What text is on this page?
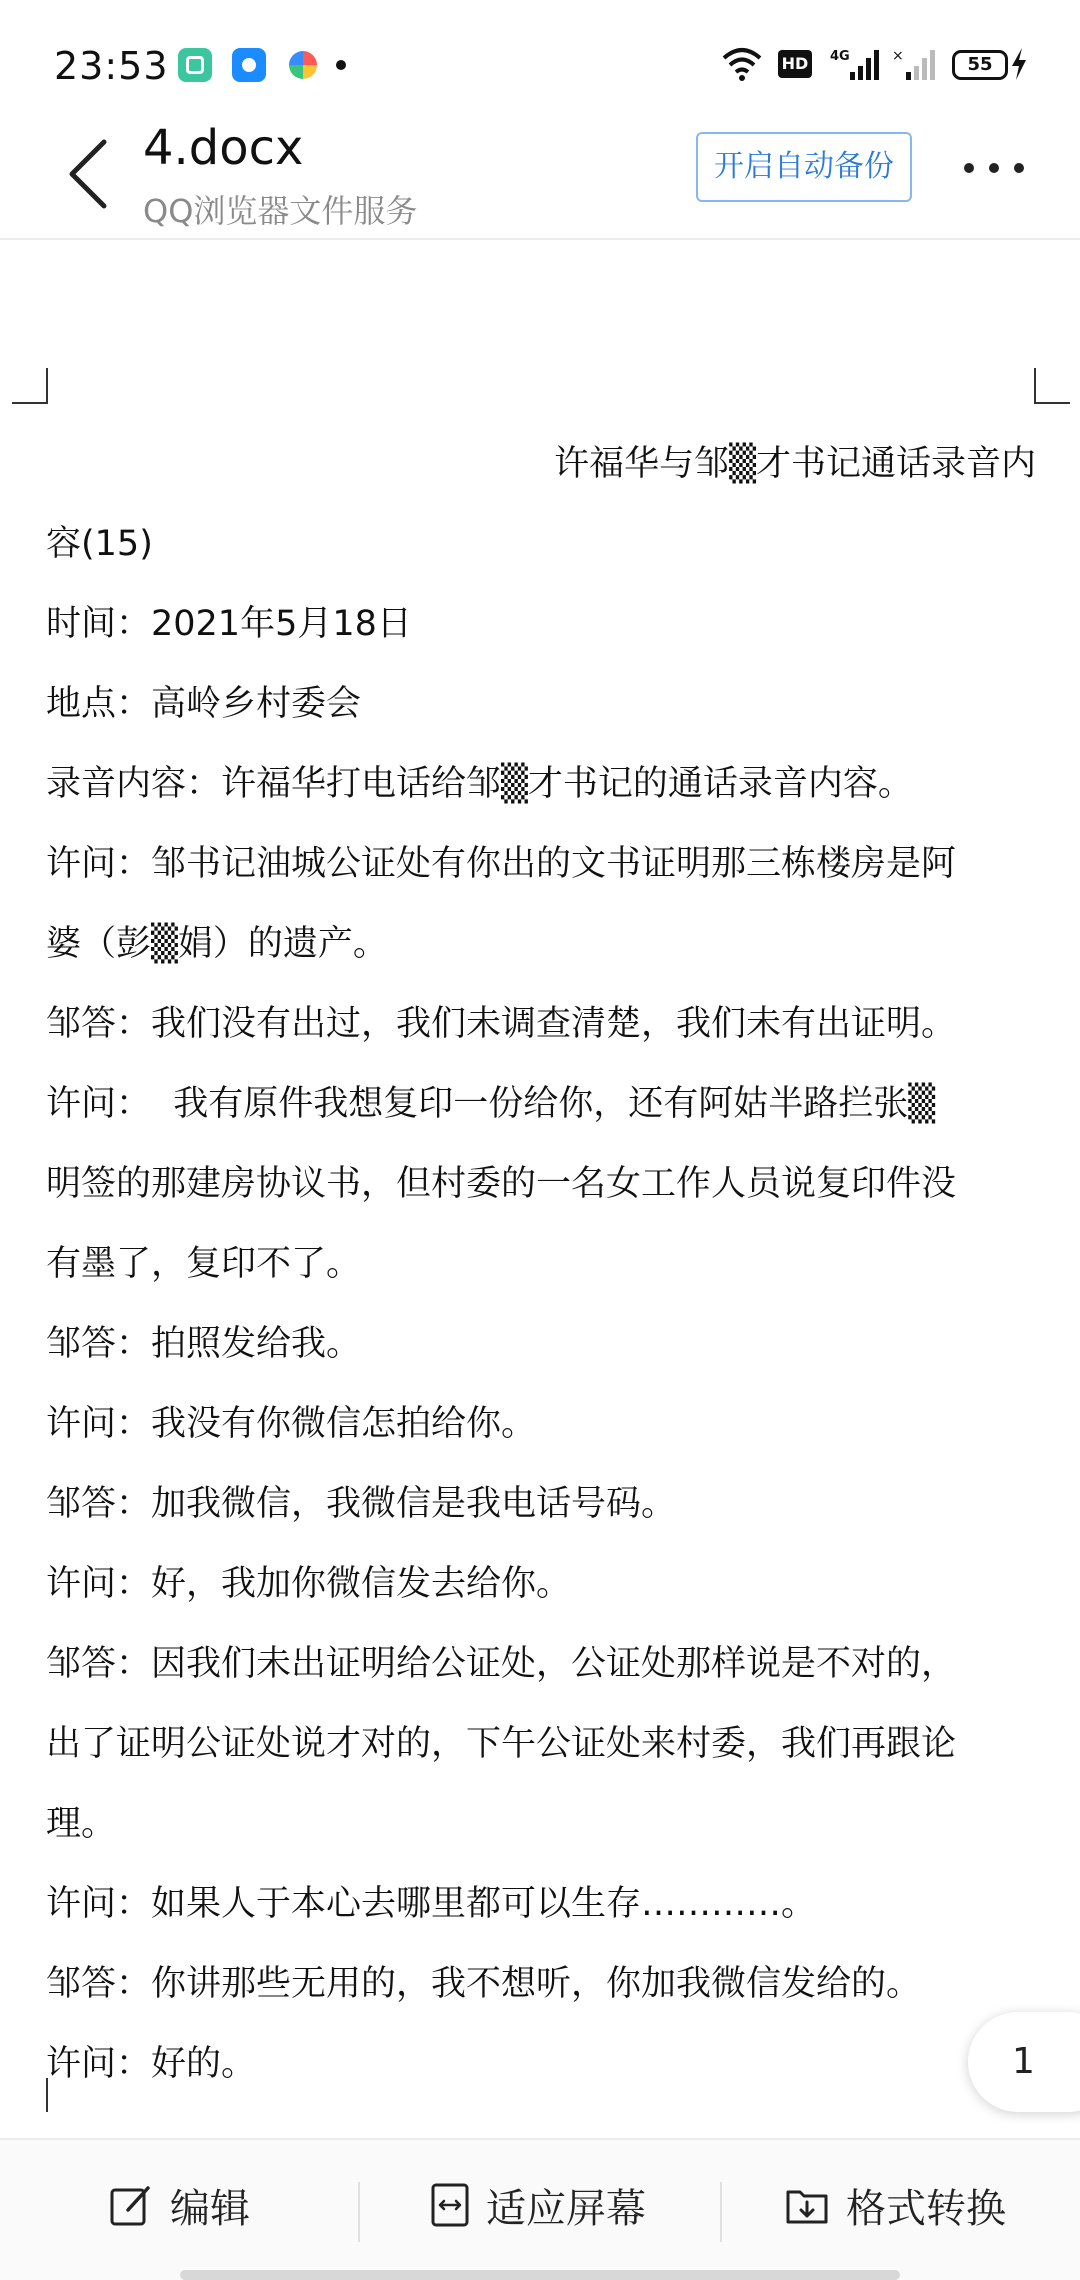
23:53	HD 4G	×	55
4.docx
QQ浏览器文件服务
开启自动备份

许福华与邹▒才书记通话录音内

容(15)

时间：2021年5月18日

地点：高岭乡村委会

录音内容：许福华打电话给邹▒才书记的通话录音内容。

许问：邹书记油城公证处有你出的文书证明那三栋楼房是阿

婆（彭▒娟）的遗产。

邹答：我们没有出过，我们未调查清楚，我们未有出证明。

许问：  我有原件我想复印一份给你，还有阿姑半路拦张▒

明签的那建房协议书，但村委的一名女工作人员说复印件没

有墨了，复印不了。

邹答：拍照发给我。

许问：我没有你微信怎拍给你。

邹答：加我微信，我微信是我电话号码。

许问：好，我加你微信发去给你。

邹答：因我们未出证明给公证处，公证处那样说是不对的，

出了证明公证处说才对的，下午公证处来村委，我们再跟论

理。

许问：如果人于本心去哪里都可以生存…………。

邹答：你讲那些无用的，我不想听，你加我微信发给的。

许问：好的。	1
编辑	适应屏幕	格式转换
